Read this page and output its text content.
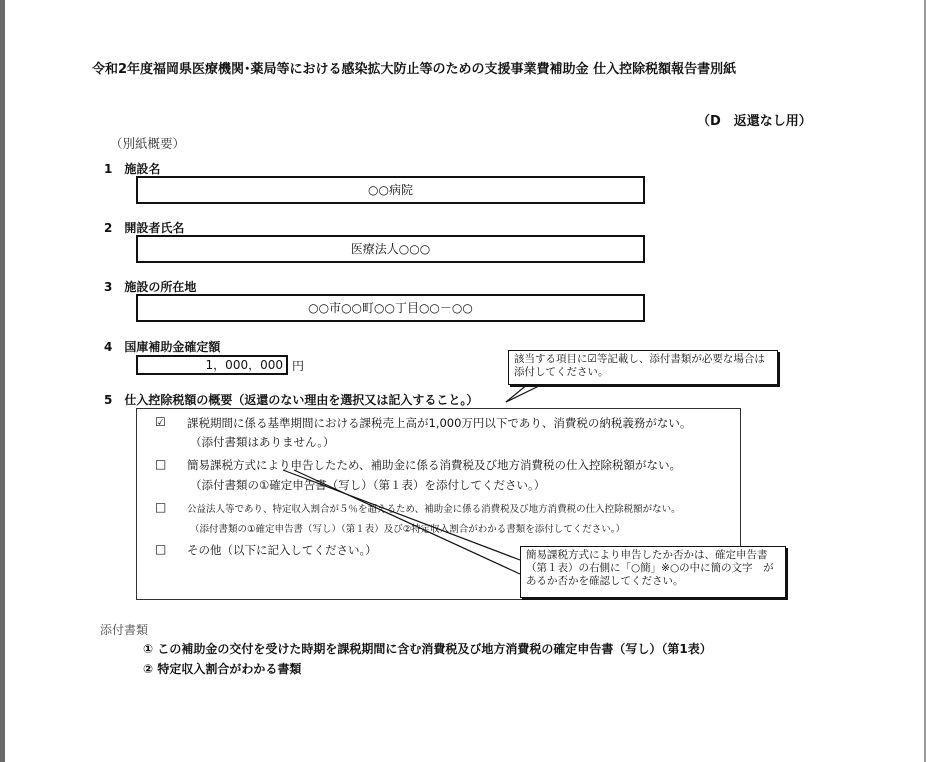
令和2年度福岡県医療機関･薬局等における感染拡大防止等のための支援事業費補助金 仕入控除税額報告書別紙
（D　返還なし用）
（別紙概要）
1　施設名
○○病院
2　開設者氏名
医療法人○○○
3　施設の所在地
○○市○○町○○丁目○○－○○
4　国庫補助金確定額
1，000，000 円
5　仕入控除税額の概要（返還のない理由を選択又は記入すること。）
☑ 課税期間に係る基準期間における課税売上高が1,000万円以下であり、消費税の納税義務がない。
（添付書類はありません。）
□ 簡易課税方式により申告したため、補助金に係る消費税及び地方消費税の仕入控除税額がない。
（添付書類の①確定申告書（写し）（第１表）を添付してください。）
□ 公益法人等であり、特定収入割合が５％を超えるため、補助金に係る消費税及び地方消費税の仕入控除税額がない。
（添付書類の①確定申告書（写し）（第１表）及び②特定収入割合がわかる書類を添付してください。）
□ その他（以下に記入してください。）
該当する項目に☑等記載し、添付書類が必要な場合は添付してください。
簡易課税方式により申告したか否かは、確定申告書（第１表）の右側に「○簡」※○の中に簡の文字　があるか否かを確認してください。
添付書類
① この補助金の交付を受けた時期を課税期間に含む消費税及び地方消費税の確定申告書（写し）（第1表）
② 特定収入割合がわかる書類
